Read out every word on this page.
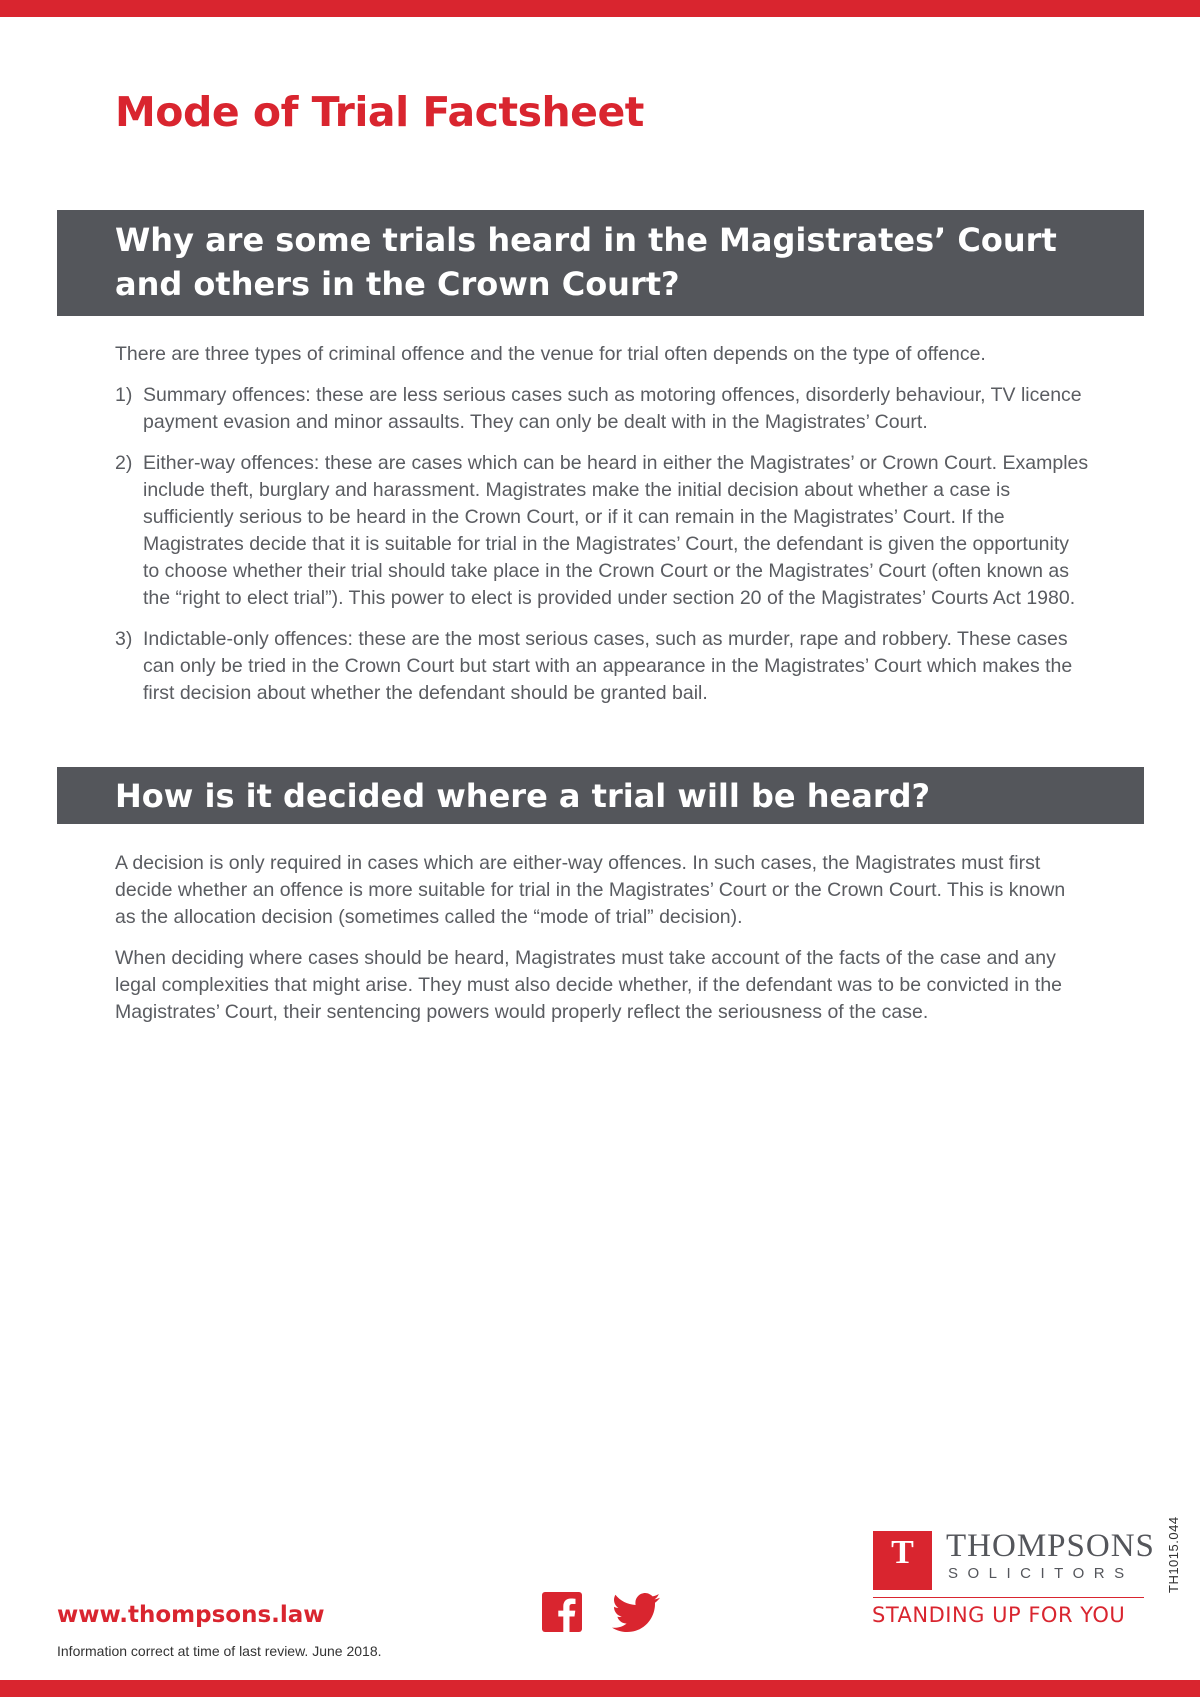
Mode of Trial Factsheet
Why are some trials heard in the Magistrates’ Court
and others in the Crown Court?

There are three types of criminal offence and the venue for trial often depends on the type of offence.

1) Summary offences: these are less serious cases such as motoring offences, disorderly behaviour, TV licence payment evasion and minor assaults. They can only be dealt with in the Magistrates’ Court.
2) Either-way offences: these are cases which can be heard in either the Magistrates’ or Crown Court. Examples include theft, burglary and harassment. Magistrates make the initial decision about whether a case is sufficiently serious to be heard in the Crown Court, or if it can remain in the Magistrates’ Court. If the Magistrates decide that it is suitable for trial in the Magistrates’ Court, the defendant is given the opportunity to choose whether their trial should take place in the Crown Court or the Magistrates’ Court (often known as the “right to elect trial”). This power to elect is provided under section 20 of the Magistrates’ Courts Act 1980.
3) Indictable-only offences: these are the most serious cases, such as murder, rape and robbery. These cases can only be tried in the Crown Court but start with an appearance in the Magistrates’ Court which makes the first decision about whether the defendant should be granted bail.
How is it decided where a trial will be heard?

A decision is only required in cases which are either-way offences. In such cases, the Magistrates must first decide whether an offence is more suitable for trial in the Magistrates’ Court or the Crown Court. This is known as the allocation decision (sometimes called the “mode of trial” decision).

When deciding where cases should be heard, Magistrates must take account of the facts of the case and any legal complexities that might arise. They must also decide whether, if the defendant was to be convicted in the Magistrates’ Court, their sentencing powers would properly reflect the seriousness of the case.

www.thompsons.law
Information correct at time of last review. June 2018.
T THOMPSONS
SOLICITORS
STANDING UP FOR YOU
TH1015.044
